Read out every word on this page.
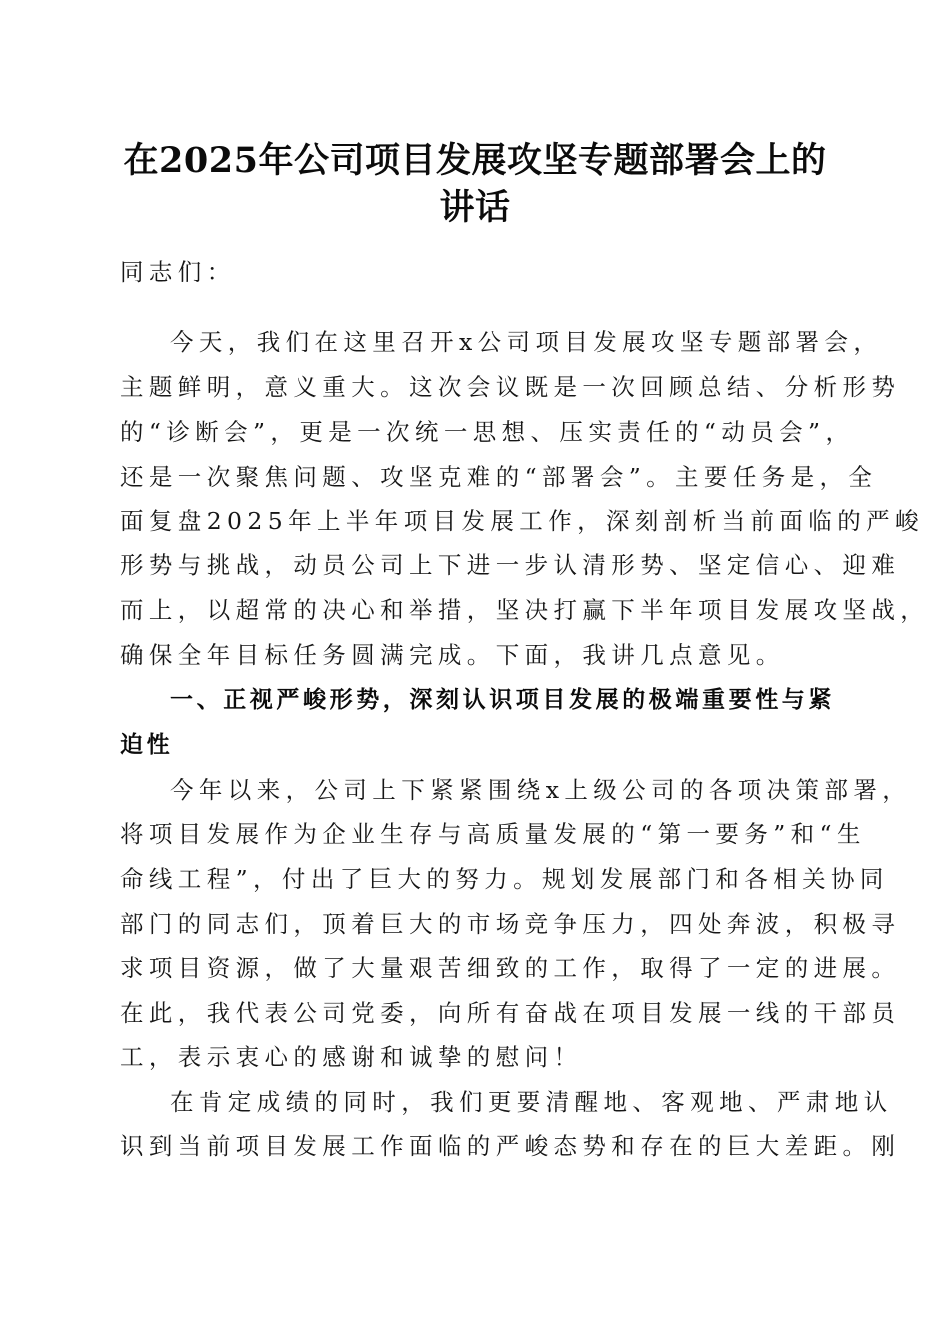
在2025年公司项目发展攻坚专题部署会上的
讲话
同志们：
今天，我们在这里召开x公司项目发展攻坚专题部署会，
主题鲜明，意义重大。这次会议既是一次回顾总结、分析形势
的“诊断会”，更是一次统一思想、压实责任的“动员会”，
还是一次聚焦问题、攻坚克难的“部署会”。主要任务是，全
面复盘2025年上半年项目发展工作，深刻剖析当前面临的严峻
形势与挑战，动员公司上下进一步认清形势、坚定信心、迎难
而上，以超常的决心和举措，坚决打赢下半年项目发展攻坚战，
确保全年目标任务圆满完成。下面，我讲几点意见。
一、正视严峻形势，深刻认识项目发展的极端重要性与紧
迫性
今年以来，公司上下紧紧围绕x上级公司的各项决策部署，
将项目发展作为企业生存与高质量发展的“第一要务”和“生
命线工程”，付出了巨大的努力。规划发展部门和各相关协同
部门的同志们，顶着巨大的市场竞争压力，四处奔波，积极寻
求项目资源，做了大量艰苦细致的工作，取得了一定的进展。
在此，我代表公司党委，向所有奋战在项目发展一线的干部员
工，表示衷心的感谢和诚挚的慰问！
在肯定成绩的同时，我们更要清醒地、客观地、严肃地认
识到当前项目发展工作面临的严峻态势和存在的巨大差距。刚
